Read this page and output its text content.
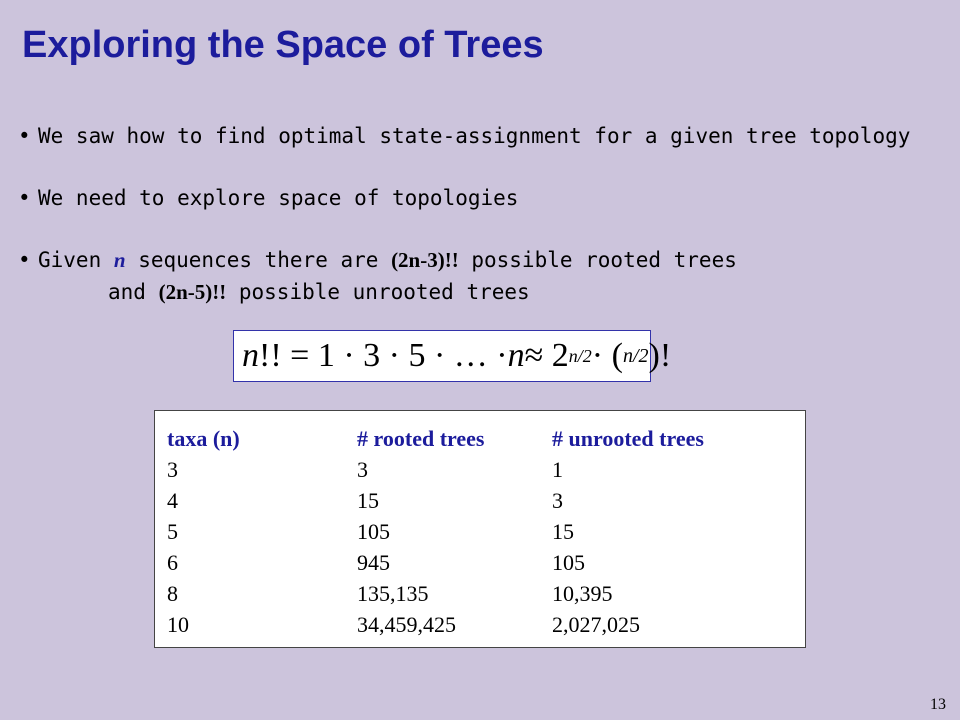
Exploring the Space of Trees
• We saw how to find optimal state-assignment for a given tree topology
• We need to explore space of topologies
• Given n sequences there are (2n-3)!! possible rooted trees
and (2n-5)!! possible unrooted trees
n !! = 1 · 3 · 5 · … · n ≈ 2 n/2 · ( n/2 )!
taxa (n)	# rooted trees	# unrooted trees
3	3	1
4	15	3
5	105	15
6	945	105
8	135,135	10,395
10	34,459,425	2,027,025
13
